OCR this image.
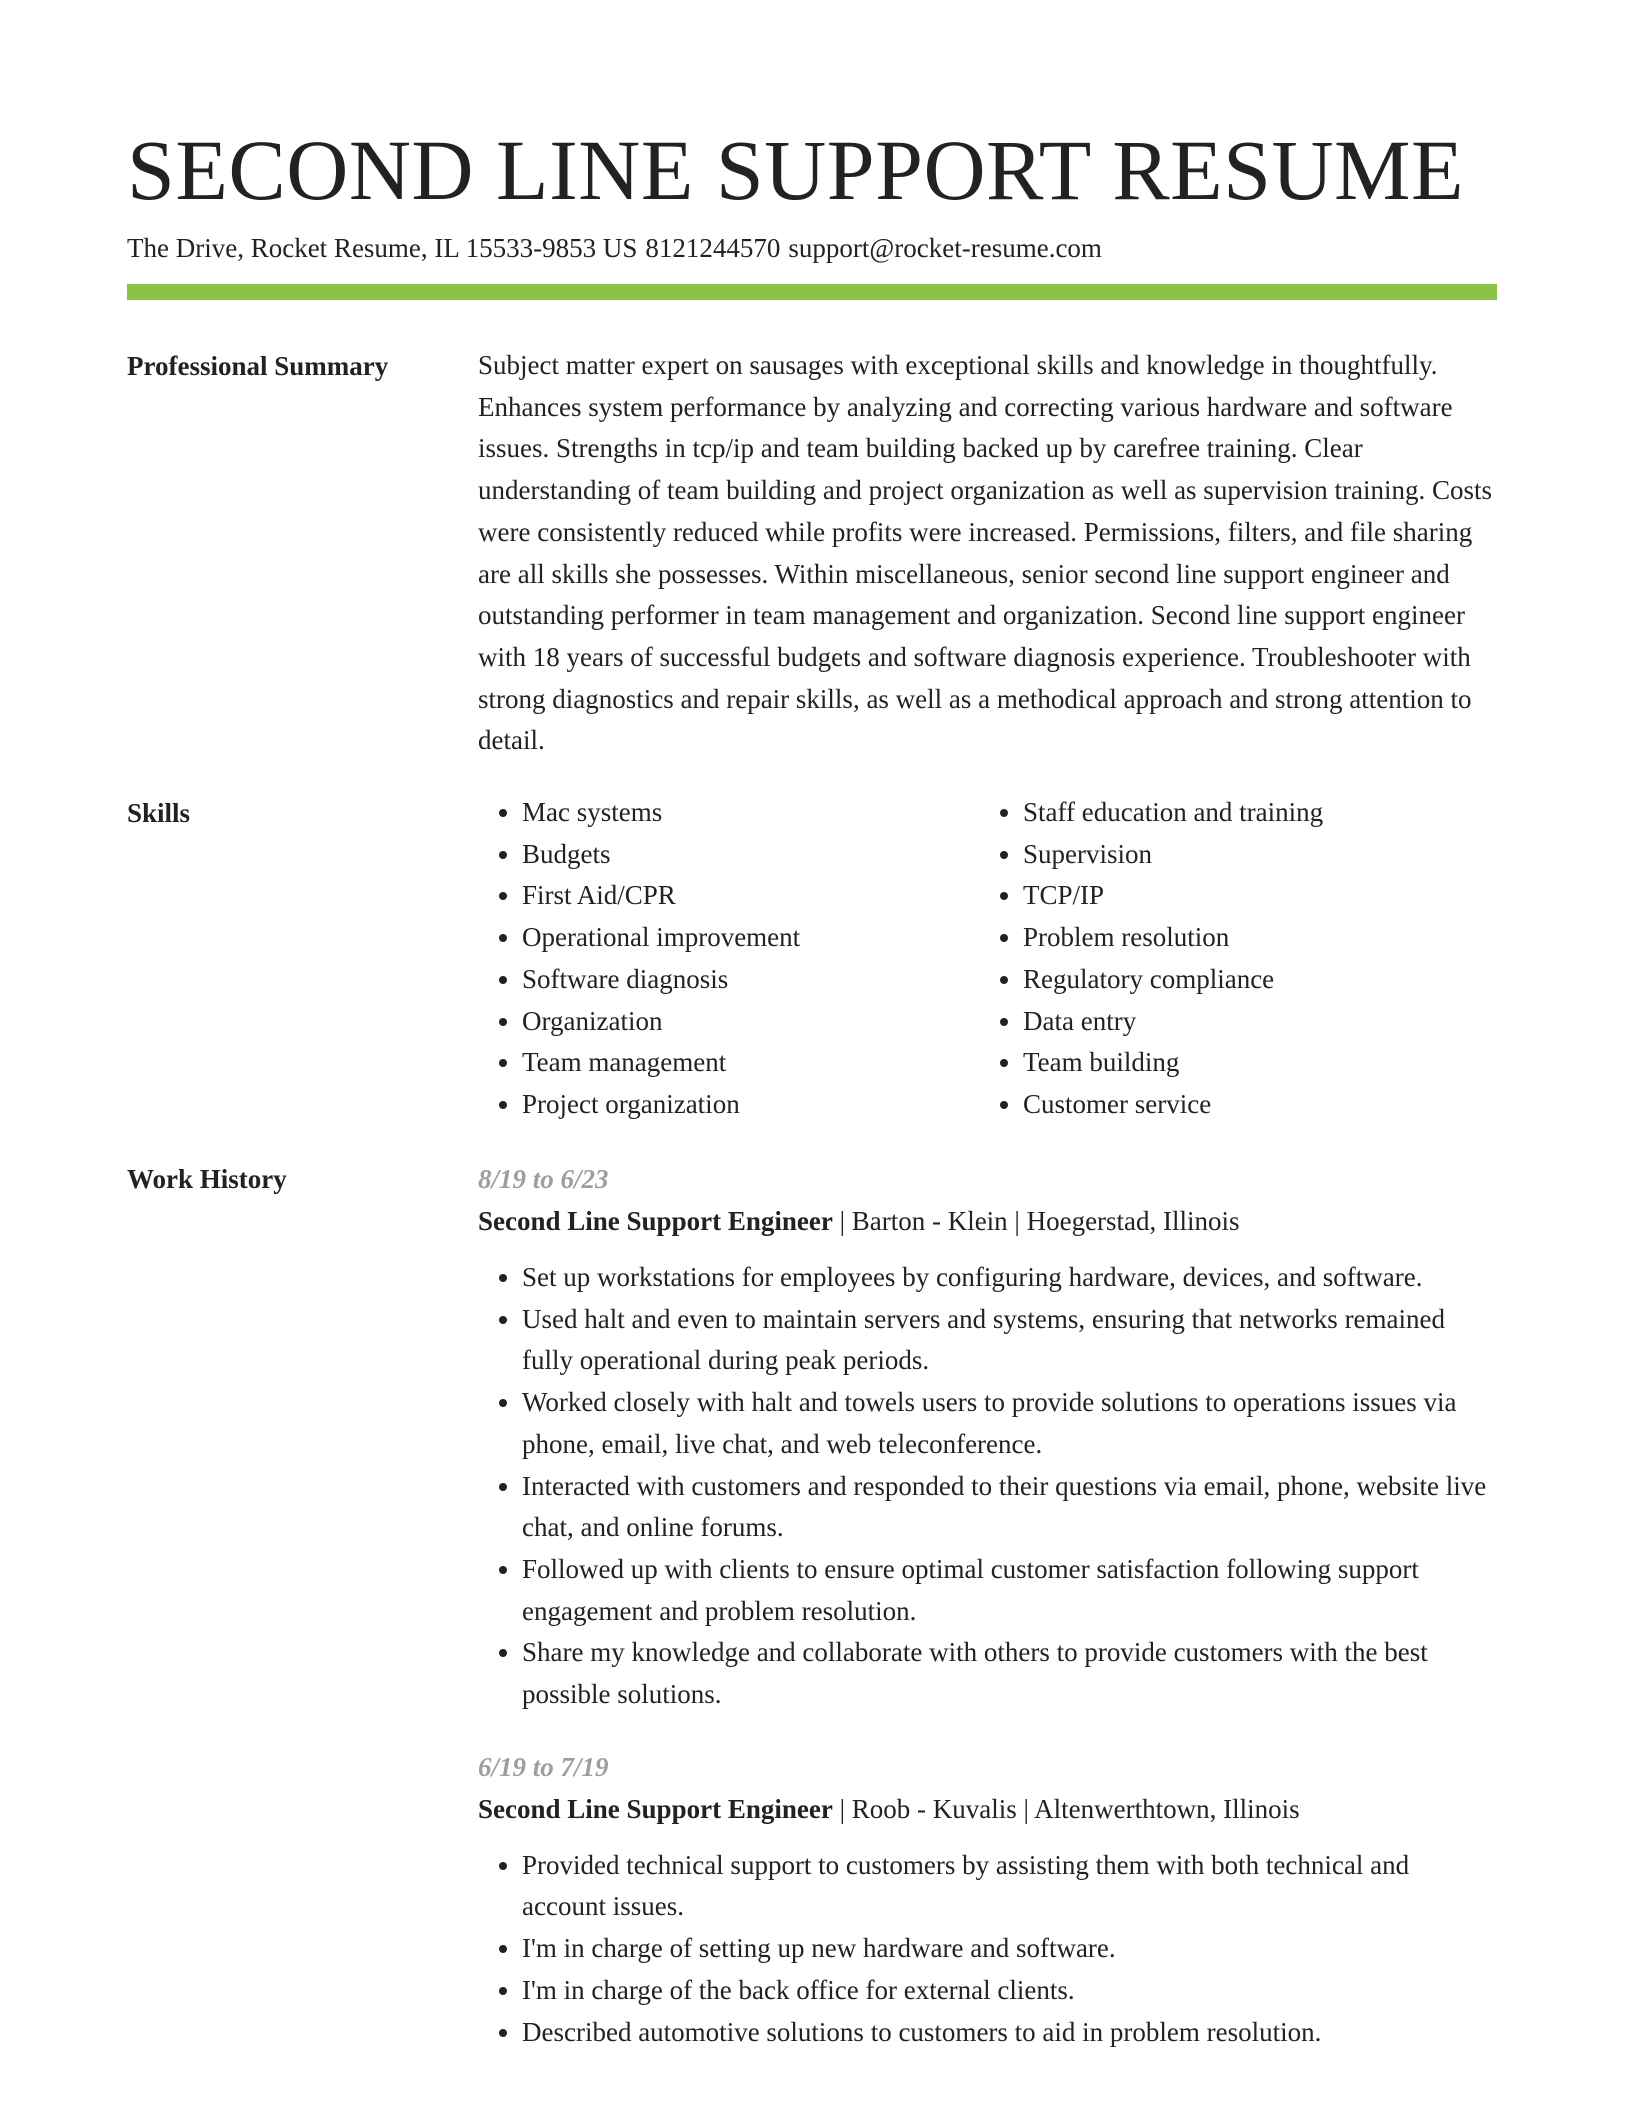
SECOND LINE SUPPORT RESUME
The Drive, Rocket Resume, IL 15533-9853 US 8121244570 support@rocket-resume.com
Professional Summary	Subject matter expert on sausages with exceptional skills and knowledge in thoughtfully. Enhances system performance by analyzing and correcting various hardware and software issues. Strengths in tcp/ip and team building backed up by carefree training. Clear understanding of team building and project organization as well as supervision training. Costs were consistently reduced while profits were increased. Permissions, filters, and file sharing are all skills she possesses. Within miscellaneous, senior second line support engineer and outstanding performer in team management and organization. Second line support engineer with 18 years of successful budgets and software diagnosis experience. Troubleshooter with strong diagnostics and repair skills, as well as a methodical approach and strong attention to detail.

Skills
•	Mac systems
• Budgets
• First Aid/CPR
• Operational improvement
• Software diagnosis
• Organization
• Team management
• Project organization
• Staff education and training
• Supervision
• TCP/IP
• Problem resolution
• Regulatory compliance
• Data entry
• Team building
• Customer service
Work History	8/19 to 6/23
Second Line Support Engineer | Barton - Klein | Hoegerstad, Illinois
• Set up workstations for employees by configuring hardware, devices, and software.
• Used halt and even to maintain servers and systems, ensuring that networks remained fully operational during peak periods.
• Worked closely with halt and towels users to provide solutions to operations issues via phone, email, live chat, and web teleconference.
• Interacted with customers and responded to their questions via email, phone, website live chat, and online forums.
• Followed up with clients to ensure optimal customer satisfaction following support engagement and problem resolution.
• Share my knowledge and collaborate with others to provide customers with the best possible solutions.
6/19 to 7/19
Second Line Support Engineer | Roob - Kuvalis | Altenwerthtown, Illinois
• Provided technical support to customers by assisting them with both technical and account issues.
• I'm in charge of setting up new hardware and software.
• I'm in charge of the back office for external clients.
• Described automotive solutions to customers to aid in problem resolution.
